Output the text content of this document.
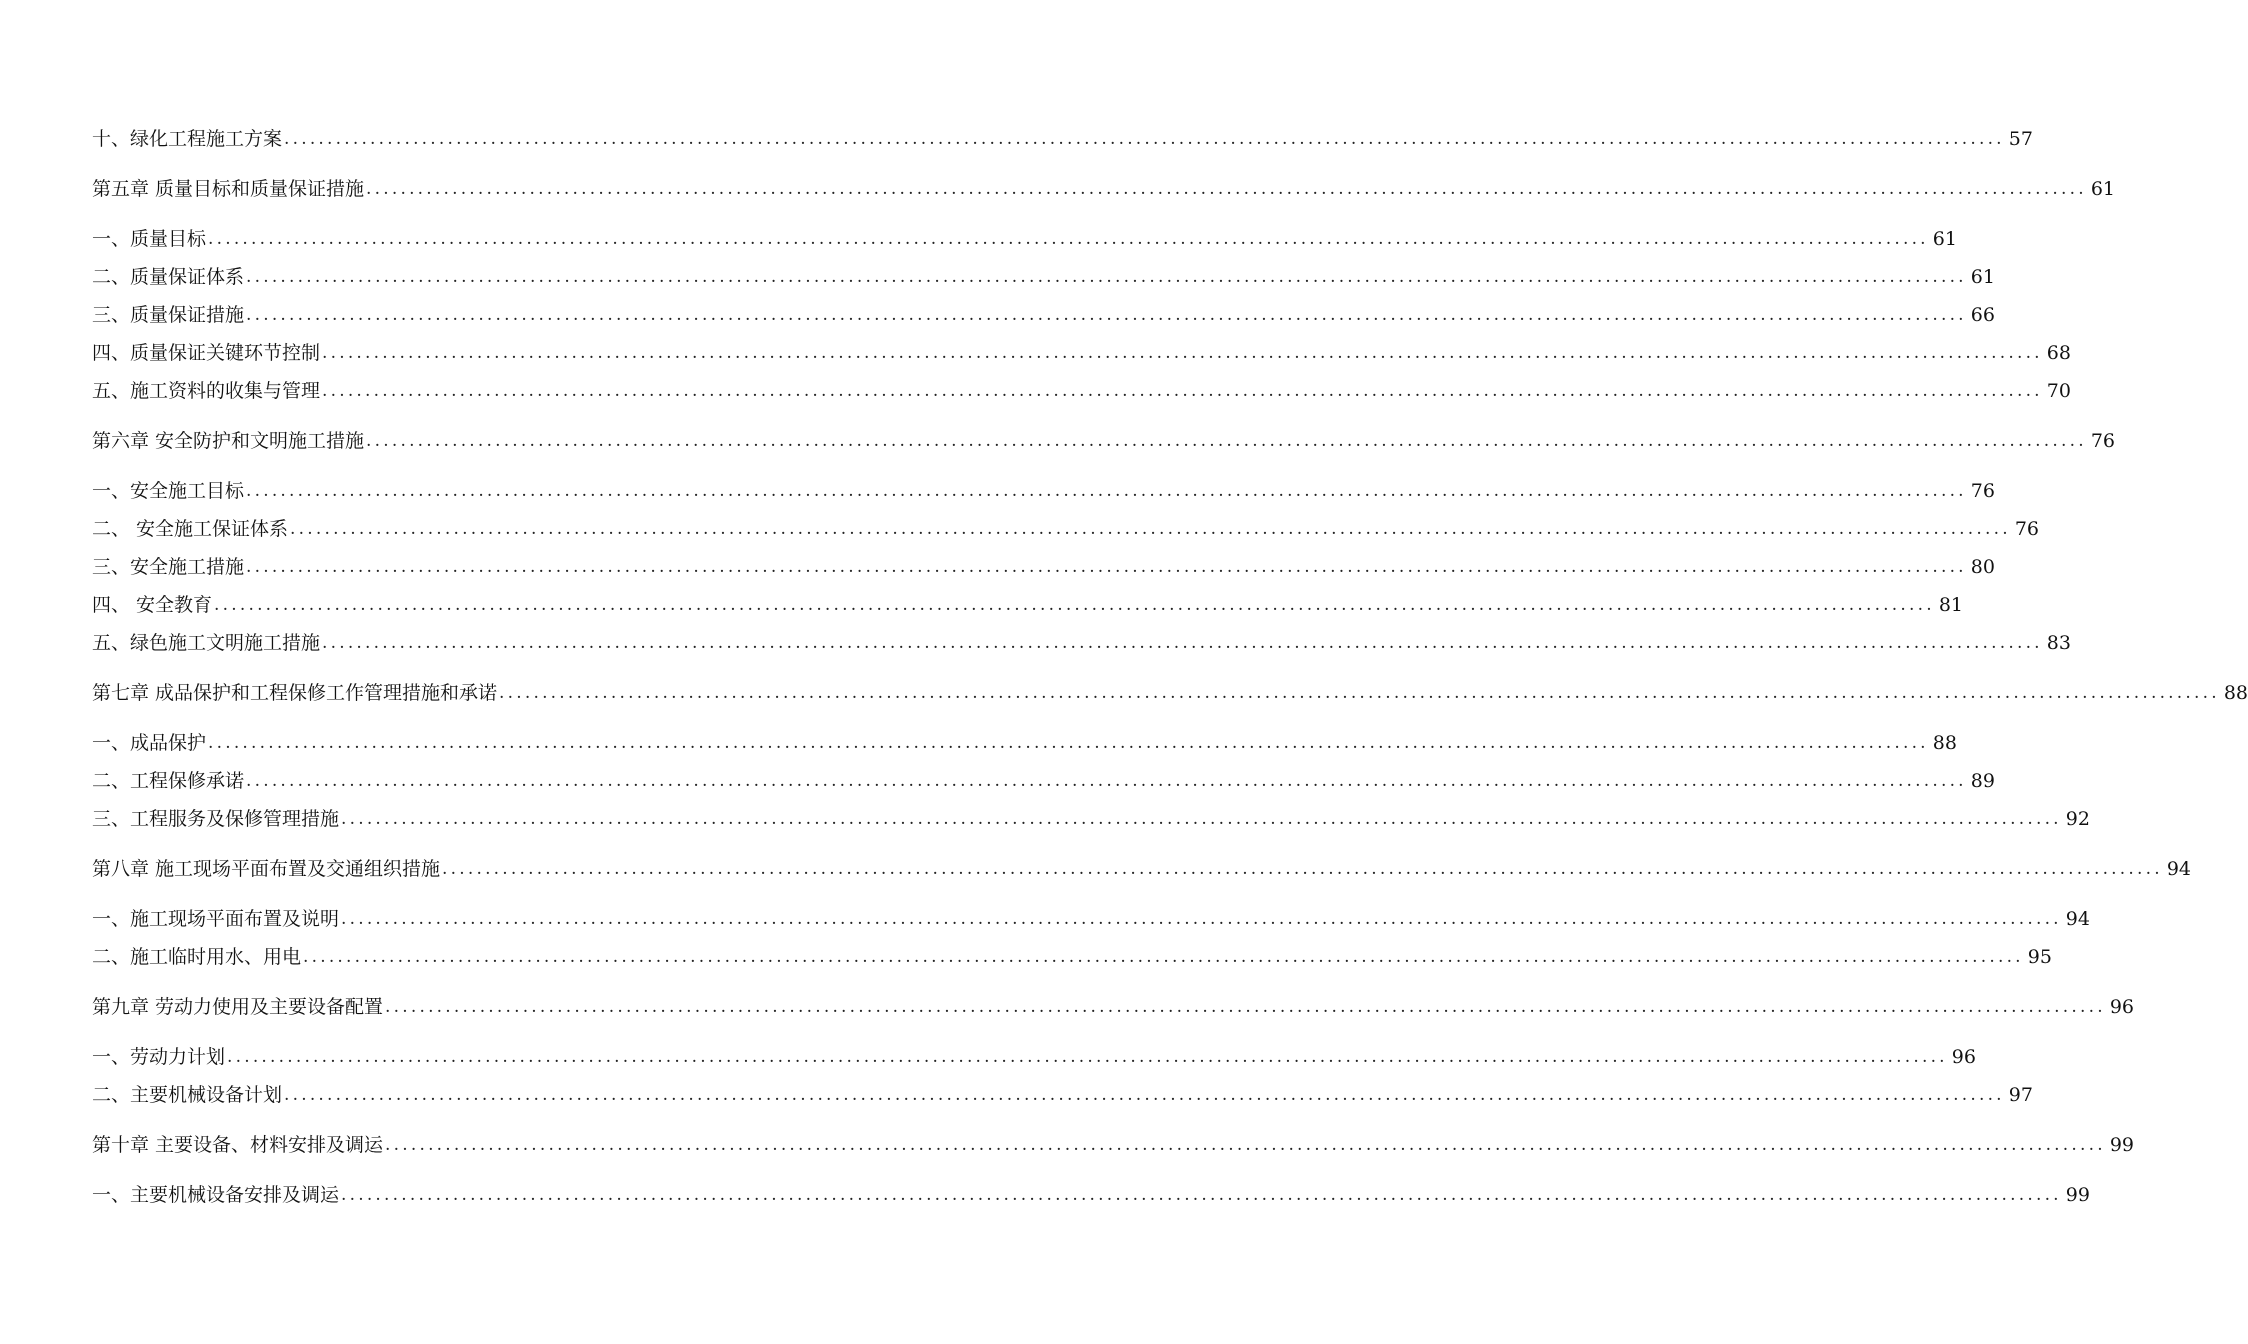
十、绿化工程施工方案 ........................................................................................................................................................................................................ 57
第五章 质量目标和质量保证措施 ........................................................................................................................................................................................................ 61
一、质量目标 ........................................................................................................................................................................................................ 61
二、质量保证体系 ........................................................................................................................................................................................................ 61
三、质量保证措施 ........................................................................................................................................................................................................ 66
四、质量保证关键环节控制 ........................................................................................................................................................................................................ 68
五、施工资料的收集与管理 ........................................................................................................................................................................................................ 70
第六章 安全防护和文明施工措施 ........................................................................................................................................................................................................ 76
一、安全施工目标 ........................................................................................................................................................................................................ 76
二、 安全施工保证体系 ........................................................................................................................................................................................................ 76
三、安全施工措施 ........................................................................................................................................................................................................ 80
四、 安全教育 ........................................................................................................................................................................................................ 81
五、绿色施工文明施工措施 ........................................................................................................................................................................................................ 83
第七章 成品保护和工程保修工作管理措施和承诺 ........................................................................................................................................................................................................ 88
一、成品保护 ........................................................................................................................................................................................................ 88
二、工程保修承诺 ........................................................................................................................................................................................................ 89
三、工程服务及保修管理措施 ........................................................................................................................................................................................................ 92
第八章 施工现场平面布置及交通组织措施 ........................................................................................................................................................................................................ 94
一、施工现场平面布置及说明 ........................................................................................................................................................................................................ 94
二、施工临时用水、用电 ........................................................................................................................................................................................................ 95
第九章 劳动力使用及主要设备配置 ........................................................................................................................................................................................................ 96
一、劳动力计划 ........................................................................................................................................................................................................ 96
二、主要机械设备计划 ........................................................................................................................................................................................................ 97
第十章 主要设备、材料安排及调运 ........................................................................................................................................................................................................ 99
一、主要机械设备安排及调运 ........................................................................................................................................................................................................ 99
